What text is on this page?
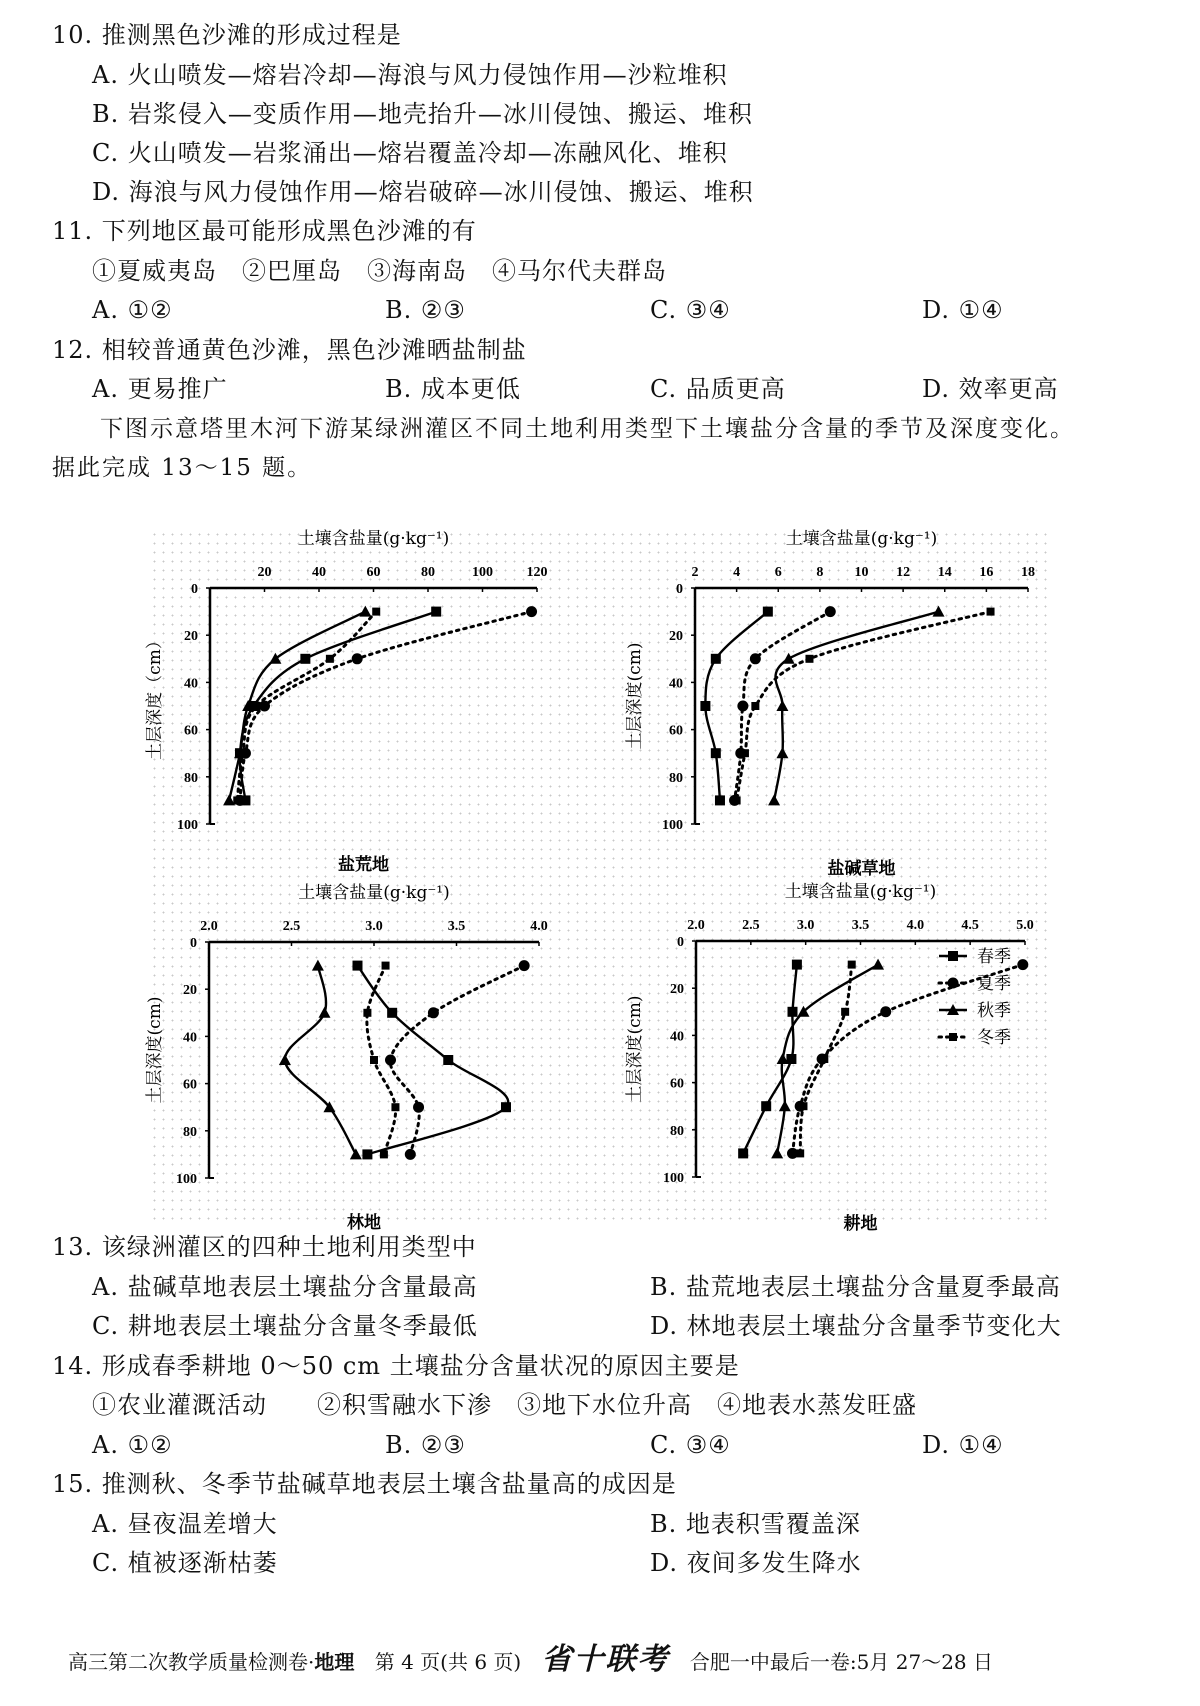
10. 推测黑色沙滩的形成过程是
A. 火山喷发—熔岩冷却—海浪与风力侵蚀作用—沙粒堆积
B. 岩浆侵入—变质作用—地壳抬升—冰川侵蚀、搬运、堆积
C. 火山喷发—岩浆涌出—熔岩覆盖冷却—冻融风化、堆积
D. 海浪与风力侵蚀作用—熔岩破碎—冰川侵蚀、搬运、堆积
11. 下列地区最可能形成黑色沙滩的有
①夏威夷岛　②巴厘岛　③海南岛　④马尔代夫群岛
A. ①②	B. ②③	C. ③④	D. ①④
12. 相较普通黄色沙滩，黑色沙滩晒盐制盐
A. 更易推广	B. 成本更低	C. 品质更高	D. 效率更高
下图示意塔里木河下游某绿洲灌区不同土地利用类型下土壤盐分含量的季节及深度变化。
据此完成 13～15 题。
20	40	60	80	100 120
0
20
40
60
80
100
土壤含盐量(g·kg⁻¹)
土层深度（cm）
盐荒地
2 4 6 8 10 12 14 16 18
0
20
40
60
80
100
土壤含盐量(g·kg⁻¹)
土层深度(cm)
盐碱草地
2.0	2.5	3.0	3.5	4.0
0
20
40
60
80
100
土壤含盐量(g·kg⁻¹)
土层深度(cm)
林地
2.0	2.5	3.0	3.5	4.0	4.5	5.0
0
20
40
60
80
100
土壤含盐量(g·kg⁻¹)
土层深度(cm)
耕地
春季
夏季
秋季
冬季
13. 该绿洲灌区的四种土地利用类型中
A. 盐碱草地表层土壤盐分含量最高	B. 盐荒地表层土壤盐分含量夏季最高
C. 耕地表层土壤盐分含量冬季最低	D. 林地表层土壤盐分含量季节变化大
14. 形成春季耕地 0～50 cm 土壤盐分含量状况的原因主要是
①农业灌溉活动　　②积雪融水下渗　③地下水位升高　④地表水蒸发旺盛
A. ①②	B. ②③	C. ③④	D. ①④
15. 推测秋、冬季节盐碱草地表层土壤含盐量高的成因是
A. 昼夜温差增大	B. 地表积雪覆盖深
C. 植被逐渐枯萎	D. 夜间多发生降水
高三第二次教学质量检测卷·地理 第 4 页(共 6 页) 省十联考 合肥一中最后一卷:5月 27～28 日
